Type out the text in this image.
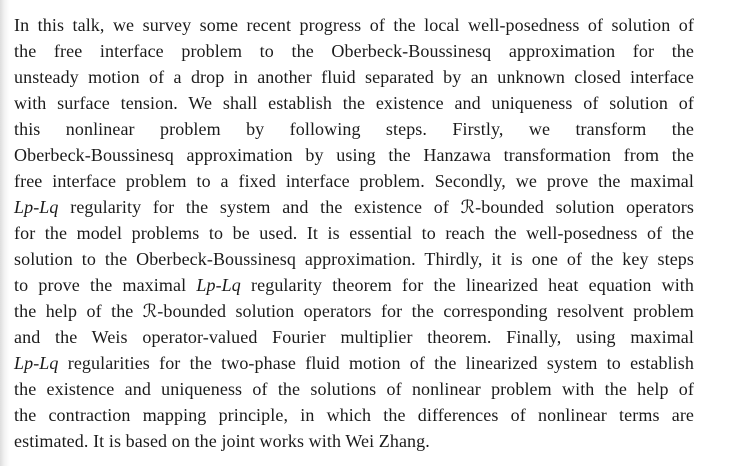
In this talk, we survey some recent progress of the local well-posedness of solution of
the free interface problem to the Oberbeck-Boussinesq approximation for the
unsteady motion of a drop in another fluid separated by an unknown closed interface
with surface tension. We shall establish the existence and uniqueness of solution of
this nonlinear problem by following steps. Firstly, we transform the
Oberbeck-Boussinesq approximation by using the Hanzawa transformation from the
free interface problem to a fixed interface problem. Secondly, we prove the maximal
Lp-Lq regularity for the system and the existence of ℛ-bounded solution operators
for the model problems to be used. It is essential to reach the well-posedness of the
solution to the Oberbeck-Boussinesq approximation. Thirdly, it is one of the key steps
to prove the maximal Lp-Lq regularity theorem for the linearized heat equation with
the help of the ℛ-bounded solution operators for the corresponding resolvent problem
and the Weis operator-valued Fourier multiplier theorem. Finally, using maximal
Lp-Lq regularities for the two-phase fluid motion of the linearized system to establish
the existence and uniqueness of the solutions of nonlinear problem with the help of
the contraction mapping principle, in which the differences of nonlinear terms are
estimated. It is based on the joint works with Wei Zhang.
